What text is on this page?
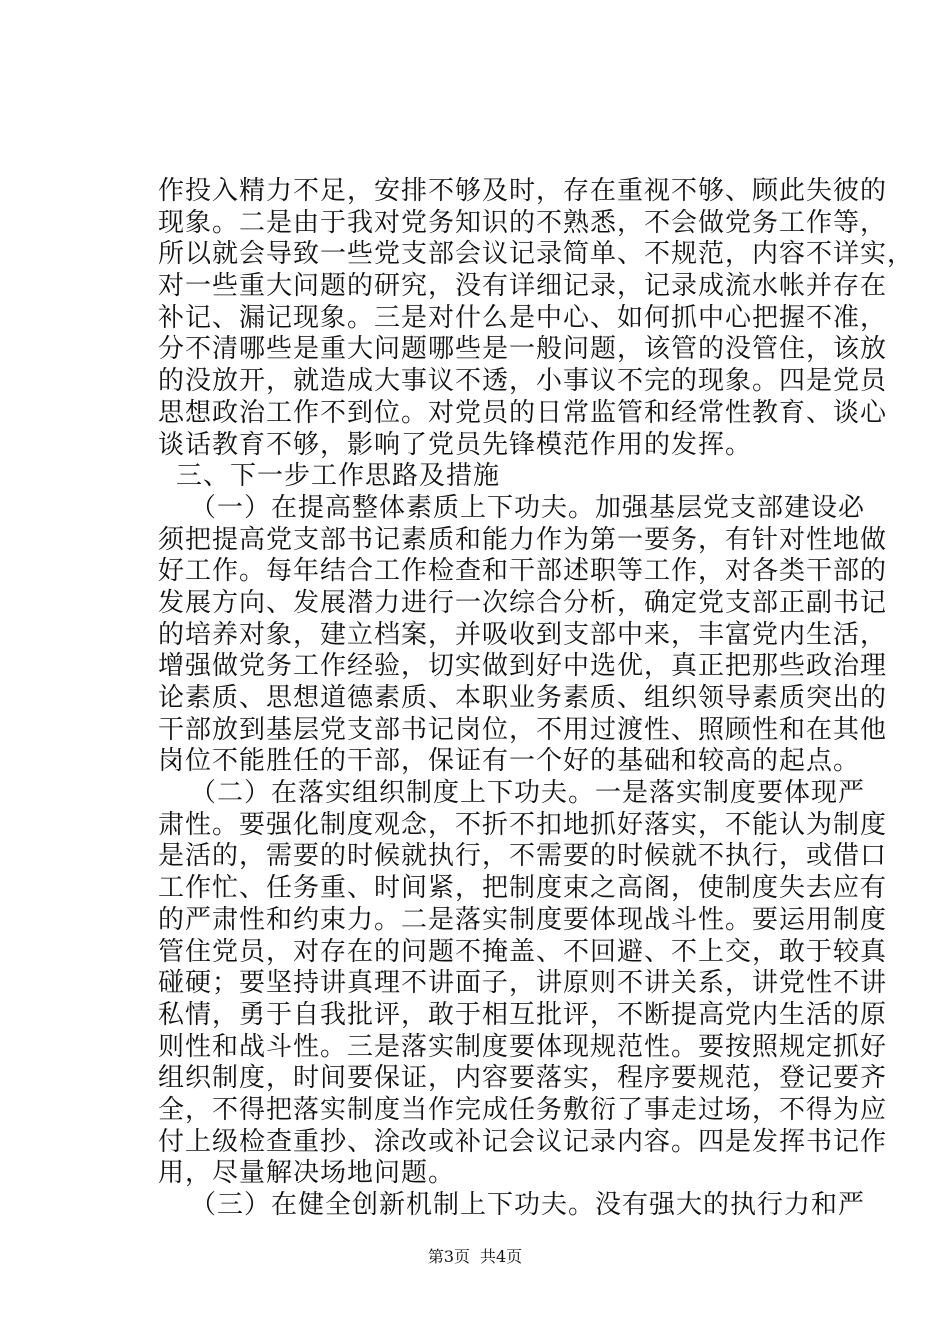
作投入精力不足，安排不够及时，存在重视不够、顾此失彼的
现象。二是由于我对党务知识的不熟悉，不会做党务工作等，
所以就会导致一些党支部会议记录简单、不规范，内容不详实，
对一些重大问题的研究，没有详细记录，记录成流水帐并存在
补记、漏记现象。三是对什么是中心、如何抓中心把握不准，
分不清哪些是重大问题哪些是一般问题，该管的没管住，该放
的没放开，就造成大事议不透，小事议不完的现象。四是党员
思想政治工作不到位。对党员的日常监管和经常性教育、谈心
谈话教育不够，影响了党员先锋模范作用的发挥。
三、下一步工作思路及措施
（一）在提高整体素质上下功夫。加强基层党支部建设必
须把提高党支部书记素质和能力作为第一要务，有针对性地做
好工作。每年结合工作检查和干部述职等工作，对各类干部的
发展方向、发展潜力进行一次综合分析，确定党支部正副书记
的培养对象，建立档案，并吸收到支部中来，丰富党内生活，
增强做党务工作经验，切实做到好中选优，真正把那些政治理
论素质、思想道德素质、本职业务素质、组织领导素质突出的
干部放到基层党支部书记岗位，不用过渡性、照顾性和在其他
岗位不能胜任的干部，保证有一个好的基础和较高的起点。
（二）在落实组织制度上下功夫。一是落实制度要体现严
肃性。要强化制度观念，不折不扣地抓好落实，不能认为制度
是活的，需要的时候就执行，不需要的时候就不执行，或借口
工作忙、任务重、时间紧，把制度束之高阁，使制度失去应有
的严肃性和约束力。二是落实制度要体现战斗性。要运用制度
管住党员，对存在的问题不掩盖、不回避、不上交，敢于较真
碰硬；要坚持讲真理不讲面子，讲原则不讲关系，讲党性不讲
私情，勇于自我批评，敢于相互批评，不断提高党内生活的原
则性和战斗性。三是落实制度要体现规范性。要按照规定抓好
组织制度，时间要保证，内容要落实，程序要规范，登记要齐
全，不得把落实制度当作完成任务敷衍了事走过场，不得为应
付上级检查重抄、涂改或补记会议记录内容。四是发挥书记作
用，尽量解决场地问题。
（三）在健全创新机制上下功夫。没有强大的执行力和严
第3页 共4页
